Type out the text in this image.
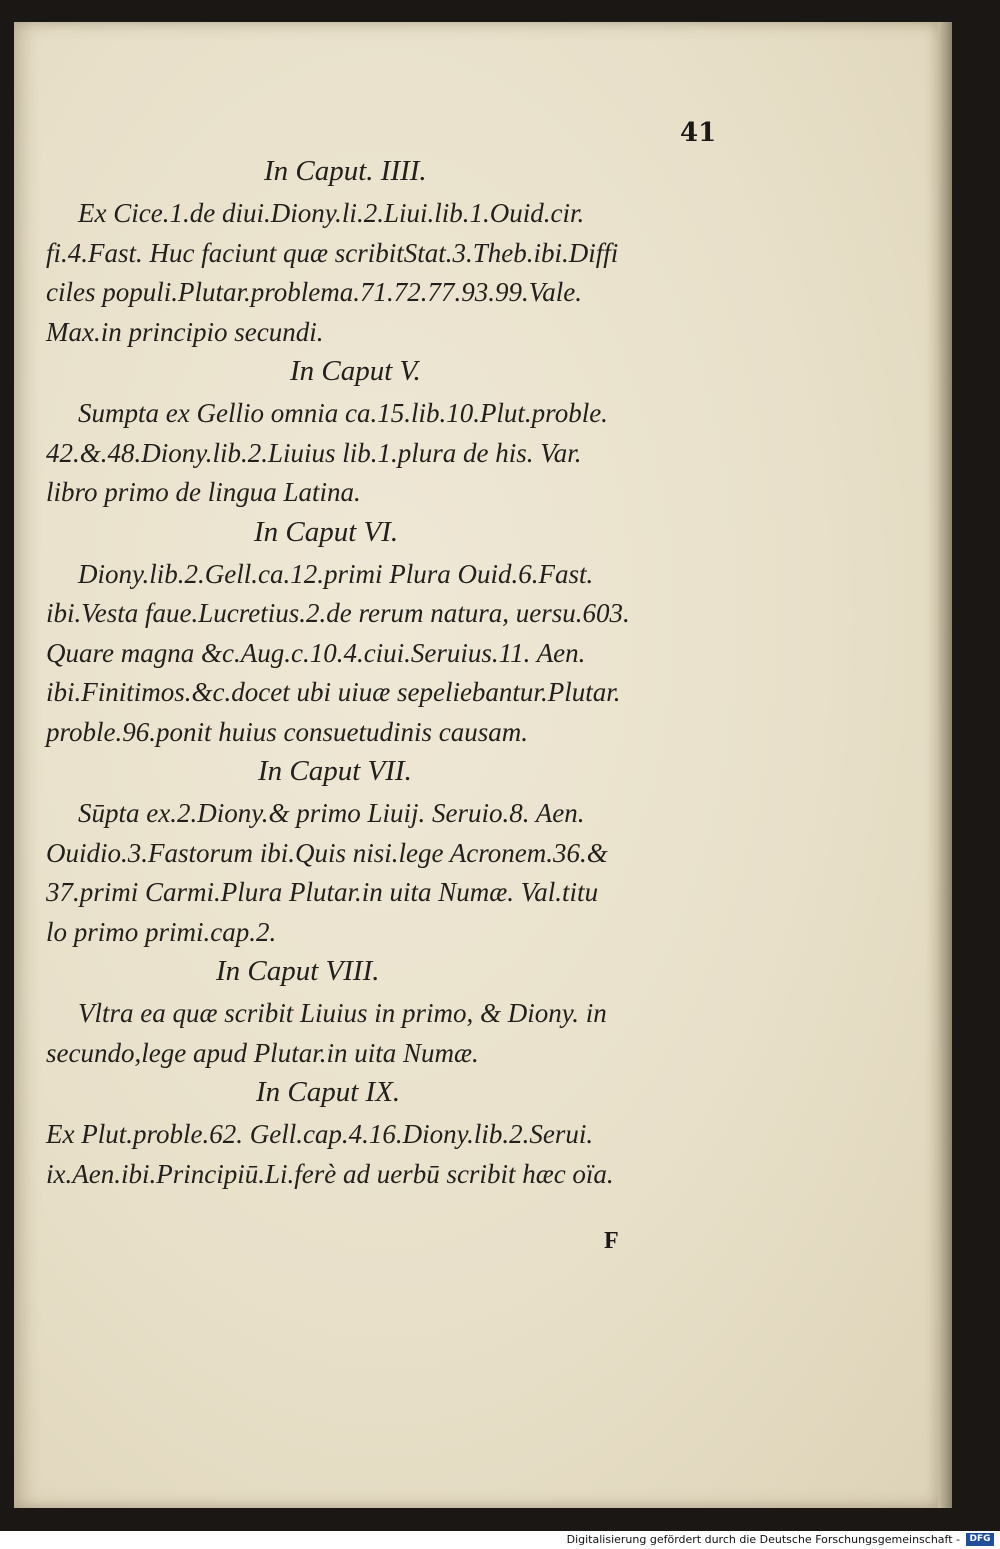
41
In Caput. IIII.
Ex Cice.1.de diui.Diony.li.2.Liui.lib.1.Ouid.cir.
fi.4.Fast. Huc faciunt quæ scribitStat.3.Theb.ibi.Diffi
ciles populi.Plutar.problema.71.72.77.93.99.Vale.
Max.in principio secundi.
In Caput V.
Sumpta ex Gellio omnia ca.15.lib.10.Plut.proble.
42.&.48.Diony.lib.2.Liuius lib.1.plura de his. Var.
libro primo de lingua Latina.
In Caput VI.
Diony.lib.2.Gell.ca.12.primi Plura Ouid.6.Fast.
ibi.Vesta faue.Lucretius.2.de rerum natura, uersu.603.
Quare magna &c.Aug.c.10.4.ciui.Seruius.11. Aen.
ibi.Finitimos.&c.docet ubi uiuæ sepeliebantur.Plutar.
proble.96.ponit huius consuetudinis causam.
In Caput VII.
Sūpta ex.2.Diony.& primo Liuij. Seruio.8. Aen.
Ouidio.3.Fastorum ibi.Quis nisi.lege Acronem.36.&
37.primi Carmi.Plura Plutar.in uita Numæ. Val.titu
lo primo primi.cap.2.
In Caput VIII.
Vltra ea quæ scribit Liuius in primo, & Diony. in
secundo,lege apud Plutar.in uita Numæ.
In Caput IX.
Ex Plut.proble.62. Gell.cap.4.16.Diony.lib.2.Serui.
ix.Aen.ibi.Principiū.Li.ferè ad uerbū scribit hæc oïa.
F
Digitalisierung gefördert durch die Deutsche Forschungsgemeinschaft -	DFG
